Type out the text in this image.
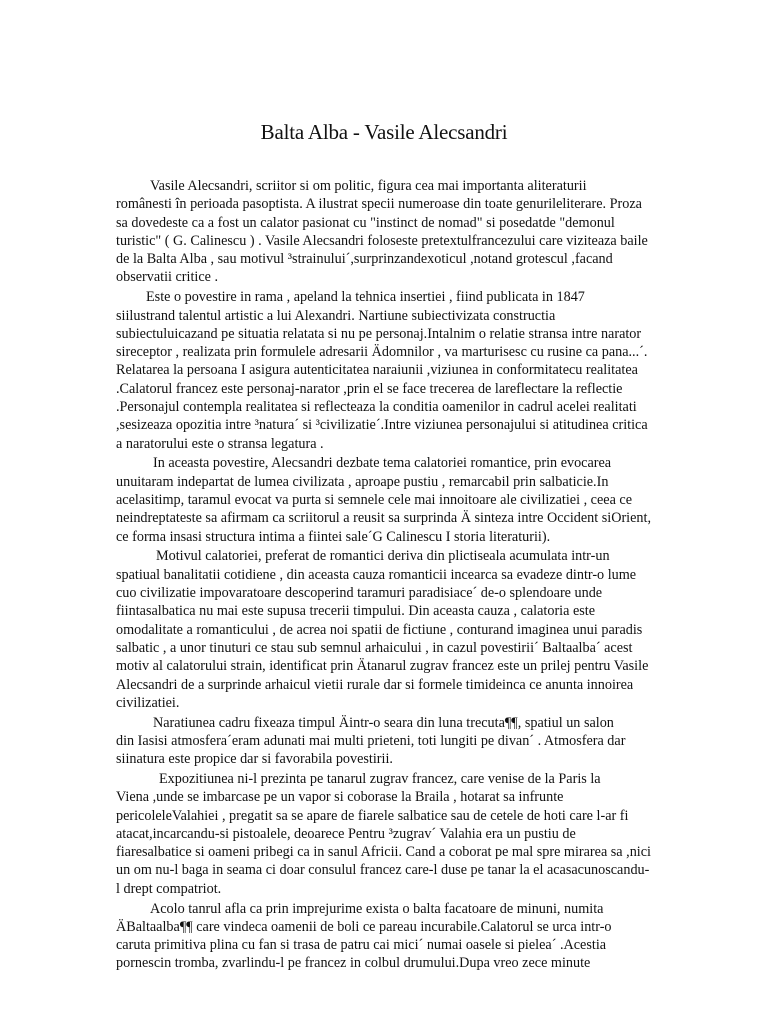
Balta Alba - Vasile Alecsandri
Vasile Alecsandri, scriitor si om politic, figura cea mai importanta aliteraturii
românesti în perioada pasoptista. A ilustrat specii numeroase din toate genurileliterare. Proza
sa dovedeste ca a fost un calator pasionat cu "instinct de nomad" si posedatde "demonul
turistic" ( G. Calinescu ) . Vasile Alecsandri foloseste pretextulfrancezului care viziteaza baile
de la Balta Alba , sau motivul ³strainului´,surprinzandexoticul ,notand grotescul ,facand
observatii critice .
Este o povestire in rama , apeland la tehnica insertiei , fiind publicata in 1847
siilustrand talentul artistic a lui Alexandri. Nartiune subiectivizata constructia
subiectuluicazand pe situatia relatata si nu pe personaj.Intalnim o relatie stransa intre narator
sireceptor , realizata prin formulele adresarii Ädomnilor , va marturisesc cu rusine ca pana...´.
Relatarea la persoana I asigura autenticitatea naraiunii ,viziunea in conformitatecu realitatea
.Calatorul francez este personaj-narator ,prin el se face trecerea de lareflectare la reflectie
.Personajul contempla realitatea si reflecteaza la conditia oamenilor in cadrul acelei realitati
,sesizeaza opozitia intre ³natura´ si ³civilizatie´.Intre viziunea personajului si atitudinea critica
a naratorului este o stransa legatura .
In aceasta povestire, Alecsandri dezbate tema calatoriei romantice, prin evocarea
unuitaram indepartat de lumea civilizata , aproape pustiu , remarcabil prin salbaticie.In
acelasitimp, taramul evocat va purta si semnele cele mai innoitoare ale civilizatiei , ceea ce
neindreptateste sa afirmam ca scriitorul a reusit sa surprinda Ä sinteza intre Occident siOrient,
ce forma insasi structura intima a fiintei sale´G Calinescu I storia literaturii).
Motivul calatoriei, preferat de romantici deriva din plictiseala acumulata intr-un
spatiual banalitatii cotidiene , din aceasta cauza romanticii incearca sa evadeze dintr-o lume
cuo civilizatie impovaratoare descoperind taramuri paradisiace´ de-o splendoare unde
fiintasalbatica nu mai este supusa trecerii timpului. Din aceasta cauza , calatoria este
omodalitate a romanticului , de acrea noi spatii de fictiune , conturand imaginea unui paradis
salbatic , a unor tinuturi ce stau sub semnul arhaicului , in cazul povestirii´ Baltaalba´ acest
motiv al calatorului strain, identificat prin Ätanarul zugrav francez este un prilej pentru Vasile
Alecsandri de a surprinde arhaicul vietii rurale dar si formele timideinca ce anunta innoirea
civilizatiei.
Naratiunea cadru fixeaza timpul Äintr-o seara din luna trecuta¶¶, spatiul un salon
din Iasisi atmosfera´eram adunati mai multi prieteni, toti lungiti pe divan´ . Atmosfera dar
siinatura este propice dar si favorabila povestirii.
Expozitiunea ni-l prezinta pe tanarul zugrav francez, care venise de la Paris la
Viena ,unde se imbarcase pe un vapor si coborase la Braila , hotarat sa infrunte
pericoleleValahiei , pregatit sa se apare de fiarele salbatice sau de cetele de hoti care l-ar fi
atacat,incarcandu-si pistoalele, deoarece Pentru ³zugrav´ Valahia era un pustiu de
fiaresalbatice si oameni pribegi ca in sanul Africii. Cand a coborat pe mal spre mirarea sa ,nici
un om nu-l baga in seama ci doar consulul francez care-l duse pe tanar la el acasacunoscandu-
l drept compatriot.
Acolo tanrul afla ca prin imprejurime exista o balta facatoare de minuni, numita
ÄBaltaalba¶¶ care vindeca oamenii de boli ce pareau incurabile.Calatorul se urca intr-o
caruta primitiva plina cu fan si trasa de patru cai mici´ numai oasele si pielea´ .Acestia
pornescin tromba, zvarlindu-l pe francez in colbul drumului.Dupa vreo zece minute
